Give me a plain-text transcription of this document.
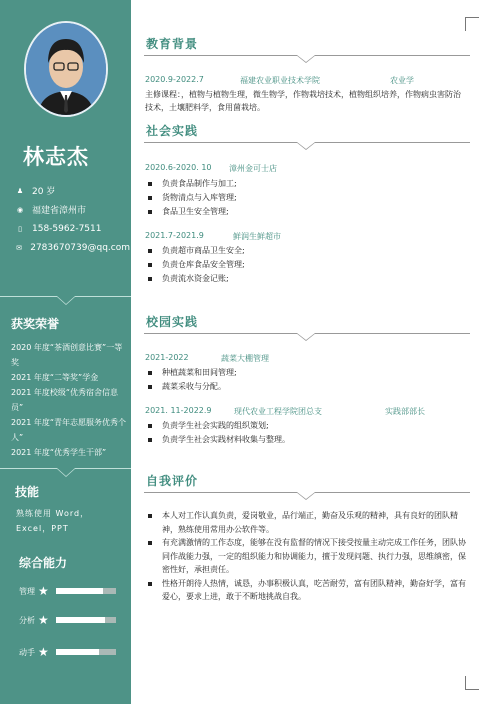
林志杰
♟ 20 岁
◉ 福建省漳州市
▯	158-5962-7511
✉ 2783670739@qq.com
获奖荣誉
2020 年度“茶酒创意比赛”一等奖
2021 年度“二等奖”学金
2021 年度校级“优秀宿舍信息员”
2021 年度“青年志愿服务优秀个人”
2021 年度“优秀学生干部”
技能
熟练使用 Word，Excel，PPT
综合能力
管理 ★
分析 ★
动手 ★
教育背景
2020.9-2022.7	福建农业职业技术学院	农业学
主修课程：，植物与植物生理，微生物学，作物栽培技术，植物组织培养，作物病虫害防治技术，土壤肥料学，食用菌栽培。
社会实践
2020.6-2020. 10 漳州金可士店
负责食品制作与加工;
货物清点与入库管理;
食品卫生安全管理;
2021.7-2021.9	鲜润生鲜超市
负责超市商品卫生安全;
负责仓库食品安全管理;
负责流水资金记账;
校园实践
2021-2022	蔬菜大棚管理
种植蔬菜和田间管理;
蔬菜采收与分配。
2021. 11-2022.9	现代农业工程学院团总支	实践部部长
负责学生社会实践的组织策划;
负责学生社会实践材料收集与整理。
自我评价
本人对工作认真负责，爱岗敬业，品行端正，勤奋及乐观的精神，具有良好的团队精神，熟练使用常用办公软件等。
有充满激情的工作态度，能够在没有监督的情况下接受按量主动完成工作任务，团队协同作战能力强，一定的组织能力和协调能力，擅于发现问题、执行力强，思维缜密，保密性好，承担责任。
性格开朗待人热情，诚恳，办事积极认真，吃苦耐劳，富有团队精神，勤奋好学，富有爱心，要求上进，敢于不断地挑战自我。
